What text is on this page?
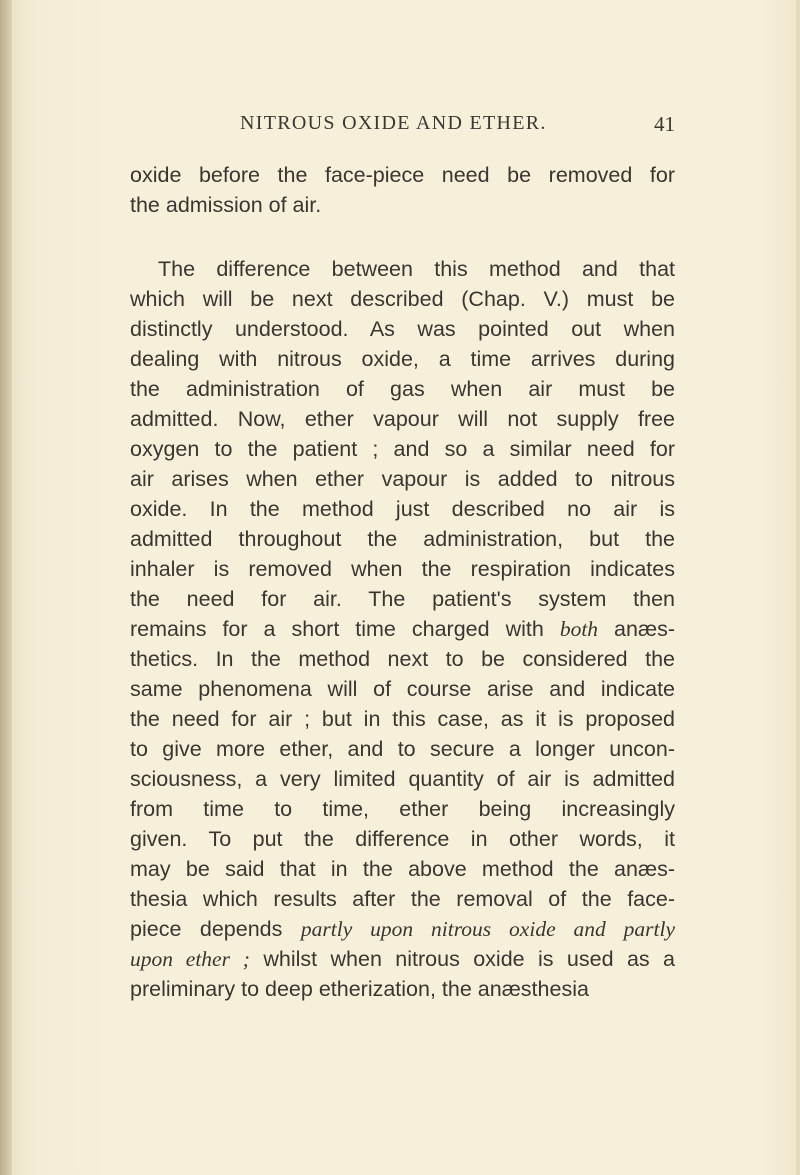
NITROUS OXIDE AND ETHER.	41
oxide before the face-piece need be removed for
the admission of air.
The difference between this method and that
which will be next described (Chap. V.) must be
distinctly understood. As was pointed out when
dealing with nitrous oxide, a time arrives during
the administration of gas when air must be
admitted. Now, ether vapour will not supply free
oxygen to the patient ; and so a similar need for
air arises when ether vapour is added to nitrous
oxide. In the method just described no air is
admitted throughout the administration, but the
inhaler is removed when the respiration indicates
the need for air. The patient's system then
remains for a short time charged with both anæs-
thetics. In the method next to be considered the
same phenomena will of course arise and indicate
the need for air ; but in this case, as it is proposed
to give more ether, and to secure a longer uncon-
sciousness, a very limited quantity of air is admitted
from time to time, ether being increasingly
given. To put the difference in other words, it
may be said that in the above method the anæs-
thesia which results after the removal of the face-
piece depends partly upon nitrous oxide and partly
upon ether ; whilst when nitrous oxide is used as a
preliminary to deep etherization, the anæsthesia
